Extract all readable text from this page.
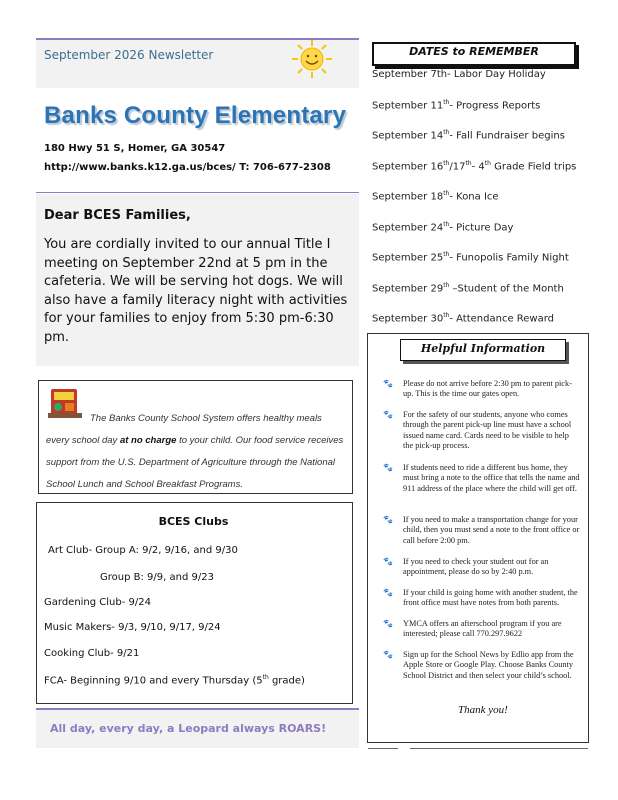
September 2026 Newsletter
Banks County Elementary
180 Hwy 51 S, Homer, GA 30547
http://www.banks.k12.ga.us/bces/ T: 706-677-2308
Dear BCES Families,
You are cordially invited to our annual Title I meeting on September 22nd at 5 pm in the cafeteria. We will be serving hot dogs. We will also have a family literacy night with activities for your families to enjoy from 5:30 pm-6:30 pm.
The Banks County School System offers healthy meals every school day at no charge to your child. Our food service receives support from the U.S. Department of Agriculture through the National School Lunch and School Breakfast Programs.
BCES Clubs
Art Club- Group A: 9/2, 9/16, and 9/30
Group B: 9/9, and 9/23
Gardening Club- 9/24
Music Makers- 9/3, 9/10, 9/17, 9/24
Cooking Club- 9/21
FCA- Beginning 9/10 and every Thursday (5th grade)
All day, every day, a Leopard always ROARS!
DATES to REMEMBER
September 7th- Labor Day Holiday
September 11th- Progress Reports
September 14th- Fall Fundraiser begins
September 16th/17th- 4th Grade Field trips
September 18th- Kona Ice
September 24th- Picture Day
September 25th- Funopolis Family Night
September 29th –Student of the Month
September 30th- Attendance Reward
Helpful Information
🐾 Please do not arrive before 2:30 pm to parent pick-up. This is the time our gates open.
🐾 For the safety of our students, anyone who comes through the parent pick-up line must have a school issued name card. Cards need to be visible to help the pick-up process.
🐾 If students need to ride a different bus home, they must bring a note to the office that tells the name and 911 address of the place where the child will get off.
🐾 If you need to make a transportation change for your child, then you must send a note to the front office or call before 2:00 pm.
🐾 If you need to check your student out for an appointment, please do so by 2:40 p.m.
🐾 If your child is going home with another student, the front office must have notes from both parents.
🐾 YMCA offers an afterschool program if you are interested; please call 770.297.9622
🐾 Sign up for the School News by Edlio app from the Apple Store or Google Play. Choose Banks County School District and then select your child’s school.
Thank you!
